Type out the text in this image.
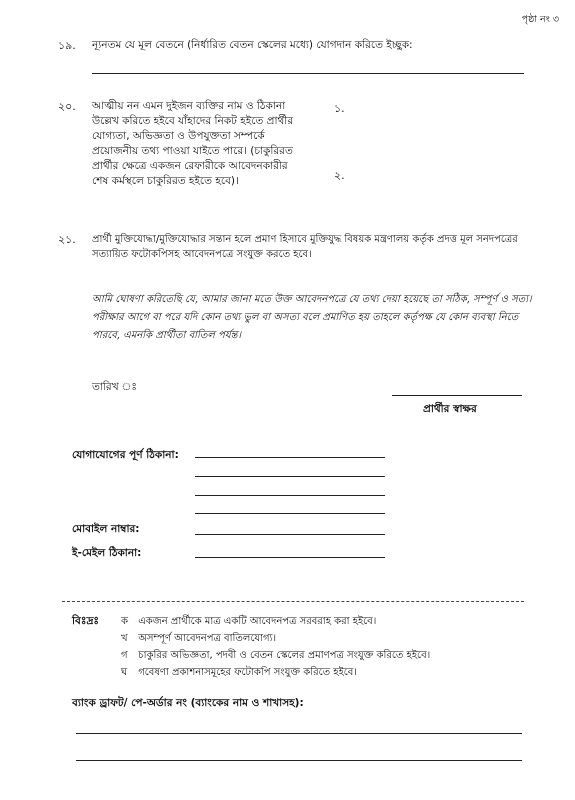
পৃষ্ঠা নং ৩
১৯. ন্যূনতম যে মূল বেতনে (নির্ধারিত বেতন স্কেলের মধ্যে) যোগদান করিতে ইচ্ছুক:
২০. আত্মীয় নন এমন দুইজন ব্যক্তির নাম ও ঠিকানা
উল্লেখ করিতে হইবে যাঁহাদের নিকট হইতে প্রার্থীর
যোগ্যতা, অভিজ্ঞতা ও উপযুক্ততা সম্পর্কে
প্রয়োজনীয় তথ্য পাওয়া যাইতে পারে। (চাকুরিরত
প্রার্থীর ক্ষেত্রে একজন রেফারীকে আবেদনকারীর
শেষ কর্মস্থলে চাকুরিরত হইতে হবে)।
১.
২.
২১. প্রার্থী মুক্তিযোদ্ধা/মুক্তিযোদ্ধার সন্তান হলে প্রমাণ হিসাবে মুক্তিযুদ্ধ বিষয়ক মন্ত্রণালয় কর্তৃক প্রদত্ত মূল সনদপত্রের
সত্যায়িত ফটোকপিসহ আবেদনপত্রে সংযুক্ত করতে হবে।
আমি ঘোষণা করিতেছি যে, আমার জানা মতে উক্ত আবেদনপত্রে যে তথ্য দেয়া হয়েছে তা সঠিক, সম্পূর্ণ ও সত্য।
পরীক্ষার আগে বা পরে যদি কোন তথ্য ভুল বা অসত্য বলে প্রমাণিত হয় তাহলে কর্তৃপক্ষ যে কোন ব্যবস্থা নিতে
পারবে, এমনকি প্রার্থীতা বাতিল পর্যন্ত।
তারিখ ঃ
প্রার্থীর স্বাক্ষর
যোগাযোগের পূর্ণ ঠিকানা:
মোবাইল নাম্বার:
ই-মেইল ঠিকানা:
বিঃদ্রঃ ক একজন প্রার্থীকে মাত্র একটি আবেদনপত্র সরবরাহ করা হইবে।
খ অসম্পূর্ণ আবেদনপত্র বাতিলযোগ্য।
গ চাকুরির অভিজ্ঞতা, পদবী ও বেতন স্কেলের প্রমাণপত্র সংযুক্ত করিতে হইবে।
ঘ গবেষণা প্রকাশনাসমূহের ফটোকপি সংযুক্ত করিতে হইবে।
ব্যাংক ড্রাফট/ পে-অর্ডার নং (ব্যাংকের নাম ও শাখাসহ):
